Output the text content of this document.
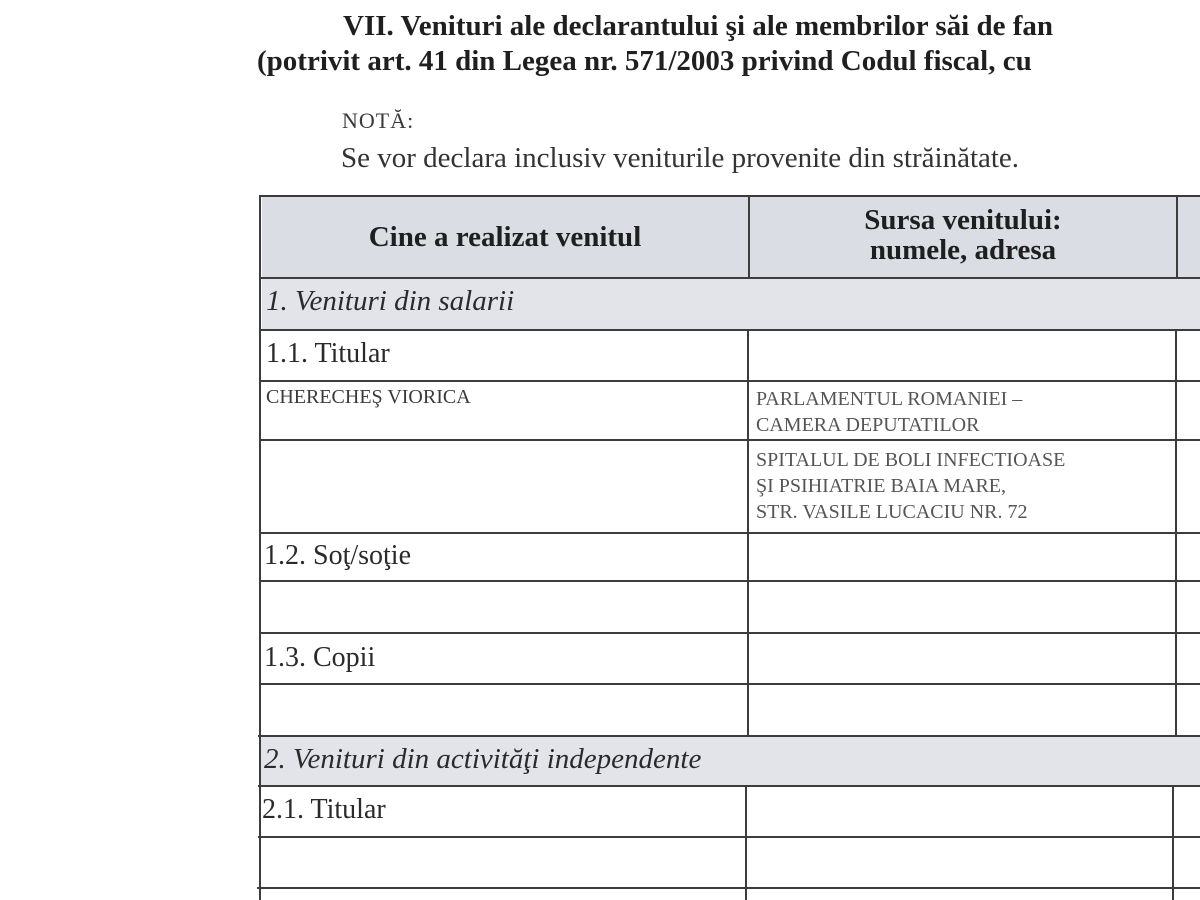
VII. Venituri ale declarantului şi ale membrilor săi de fan
(potrivit art. 41 din Legea nr. 571/2003 privind Codul fiscal, cu
NOTĂ:
Se vor declara inclusiv veniturile provenite din străinătate.
Cine a realizat venitul
Sursa venitului:
numele, adresa
1. Venituri din salarii
1.1. Titular
CHERECHEŞ VIORICA	PARLAMENTUL ROMANIEI –
CAMERA DEPUTATILOR
SPITALUL DE BOLI INFECTIOASE
ŞI PSIHIATRIE BAIA MARE,
STR. VASILE LUCACIU NR. 72
1.2. Soţ/soţie
1.3. Copii
2. Venituri din activităţi independente
2.1. Titular
